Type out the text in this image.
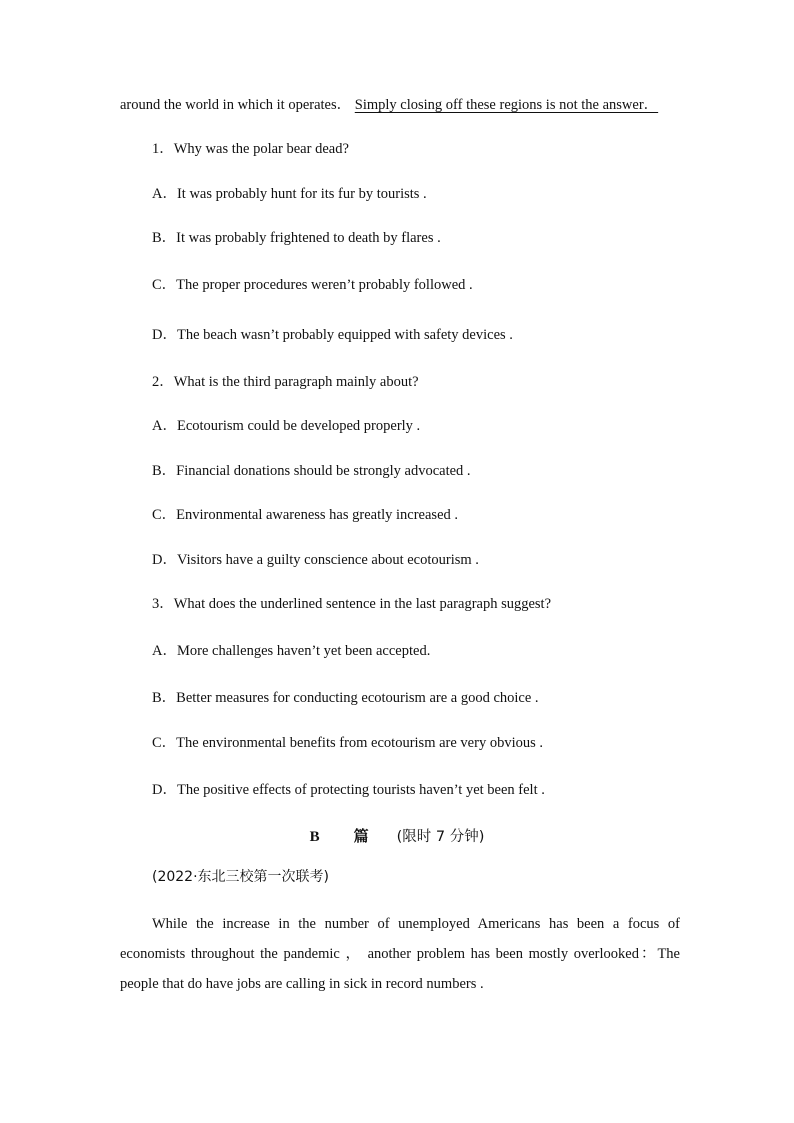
around the world in which it operates． Simply closing off these regions is not the answer．
1．Why was the polar bear dead?
A．It was probably hunt for its fur by tourists .
B．It was probably frightened to death by flares .
C．The proper procedures weren’t probably followed .
D．The beach wasn’t probably equipped with safety devices .
2．What is the third paragraph mainly about?
A．Ecotourism could be developed properly .
B．Financial donations should be strongly advocated .
C．Environmental awareness has greatly increased .
D．Visitors have a guilty conscience about ecotourism .
3．What does the underlined sentence in the last paragraph suggest?
A．More challenges haven’t yet been accepted.
B．Better measures for conducting ecotourism are a good choice .
C．The environmental benefits from ecotourism are very obvious .
D．The positive effects of protecting tourists haven’t yet been felt .
B 篇 (限时 7 分钟)
(2022·东北三校第一次联考)
While the increase in the number of unemployed Americans has been a focus of economists throughout the pandemic ， another problem has been mostly overlooked：The people that do have jobs are calling in sick in record numbers .
